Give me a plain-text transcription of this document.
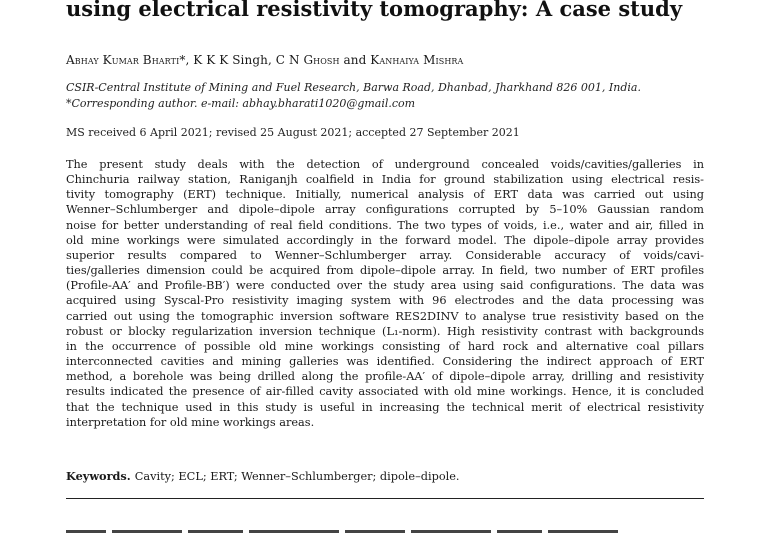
using electrical resistivity tomography: A case study
Abhay Kumar Bharti*, K K K Singh, C N Ghosh and Kanhaiya Mishra
CSIR-Central Institute of Mining and Fuel Research, Barwa Road, Dhanbad, Jharkhand 826 001, India.
*Corresponding author. e-mail: abhay.bharati1020@gmail.com
MS received 6 April 2021; revised 25 August 2021; accepted 27 September 2021
The present study deals with the detection of underground concealed voids/cavities/galleries in
Chinchuria railway station, Raniganjh coalfield in India for ground stabilization using electrical resis-
tivity tomography (ERT) technique. Initially, numerical analysis of ERT data was carried out using
Wenner–Schlumberger and dipole–dipole array configurations corrupted by 5–10% Gaussian random
noise for better understanding of real field conditions. The two types of voids, i.e., water and air, filled in
old mine workings were simulated accordingly in the forward model. The dipole–dipole array provides
superior results compared to Wenner–Schlumberger array. Considerable accuracy of voids/cavi-
ties/galleries dimension could be acquired from dipole–dipole array. In field, two number of ERT profiles
(Profile-AA′ and Profile-BB′) were conducted over the study area using said configurations. The data was
acquired using Syscal-Pro resistivity imaging system with 96 electrodes and the data processing was
carried out using the tomographic inversion software RES2DINV to analyse true resistivity based on the
robust or blocky regularization inversion technique (L₁-norm). High resistivity contrast with backgrounds
in the occurrence of possible old mine workings consisting of hard rock and alternative coal pillars
interconnected cavities and mining galleries was identified. Considering the indirect approach of ERT
method, a borehole was being drilled along the profile-AA′ of dipole–dipole array, drilling and resistivity
results indicated the presence of air-filled cavity associated with old mine workings. Hence, it is concluded
that the technique used in this study is useful in increasing the technical merit of electrical resistivity
interpretation for old mine workings areas.
Keywords. Cavity; ECL; ERT; Wenner–Schlumberger; dipole–dipole.
